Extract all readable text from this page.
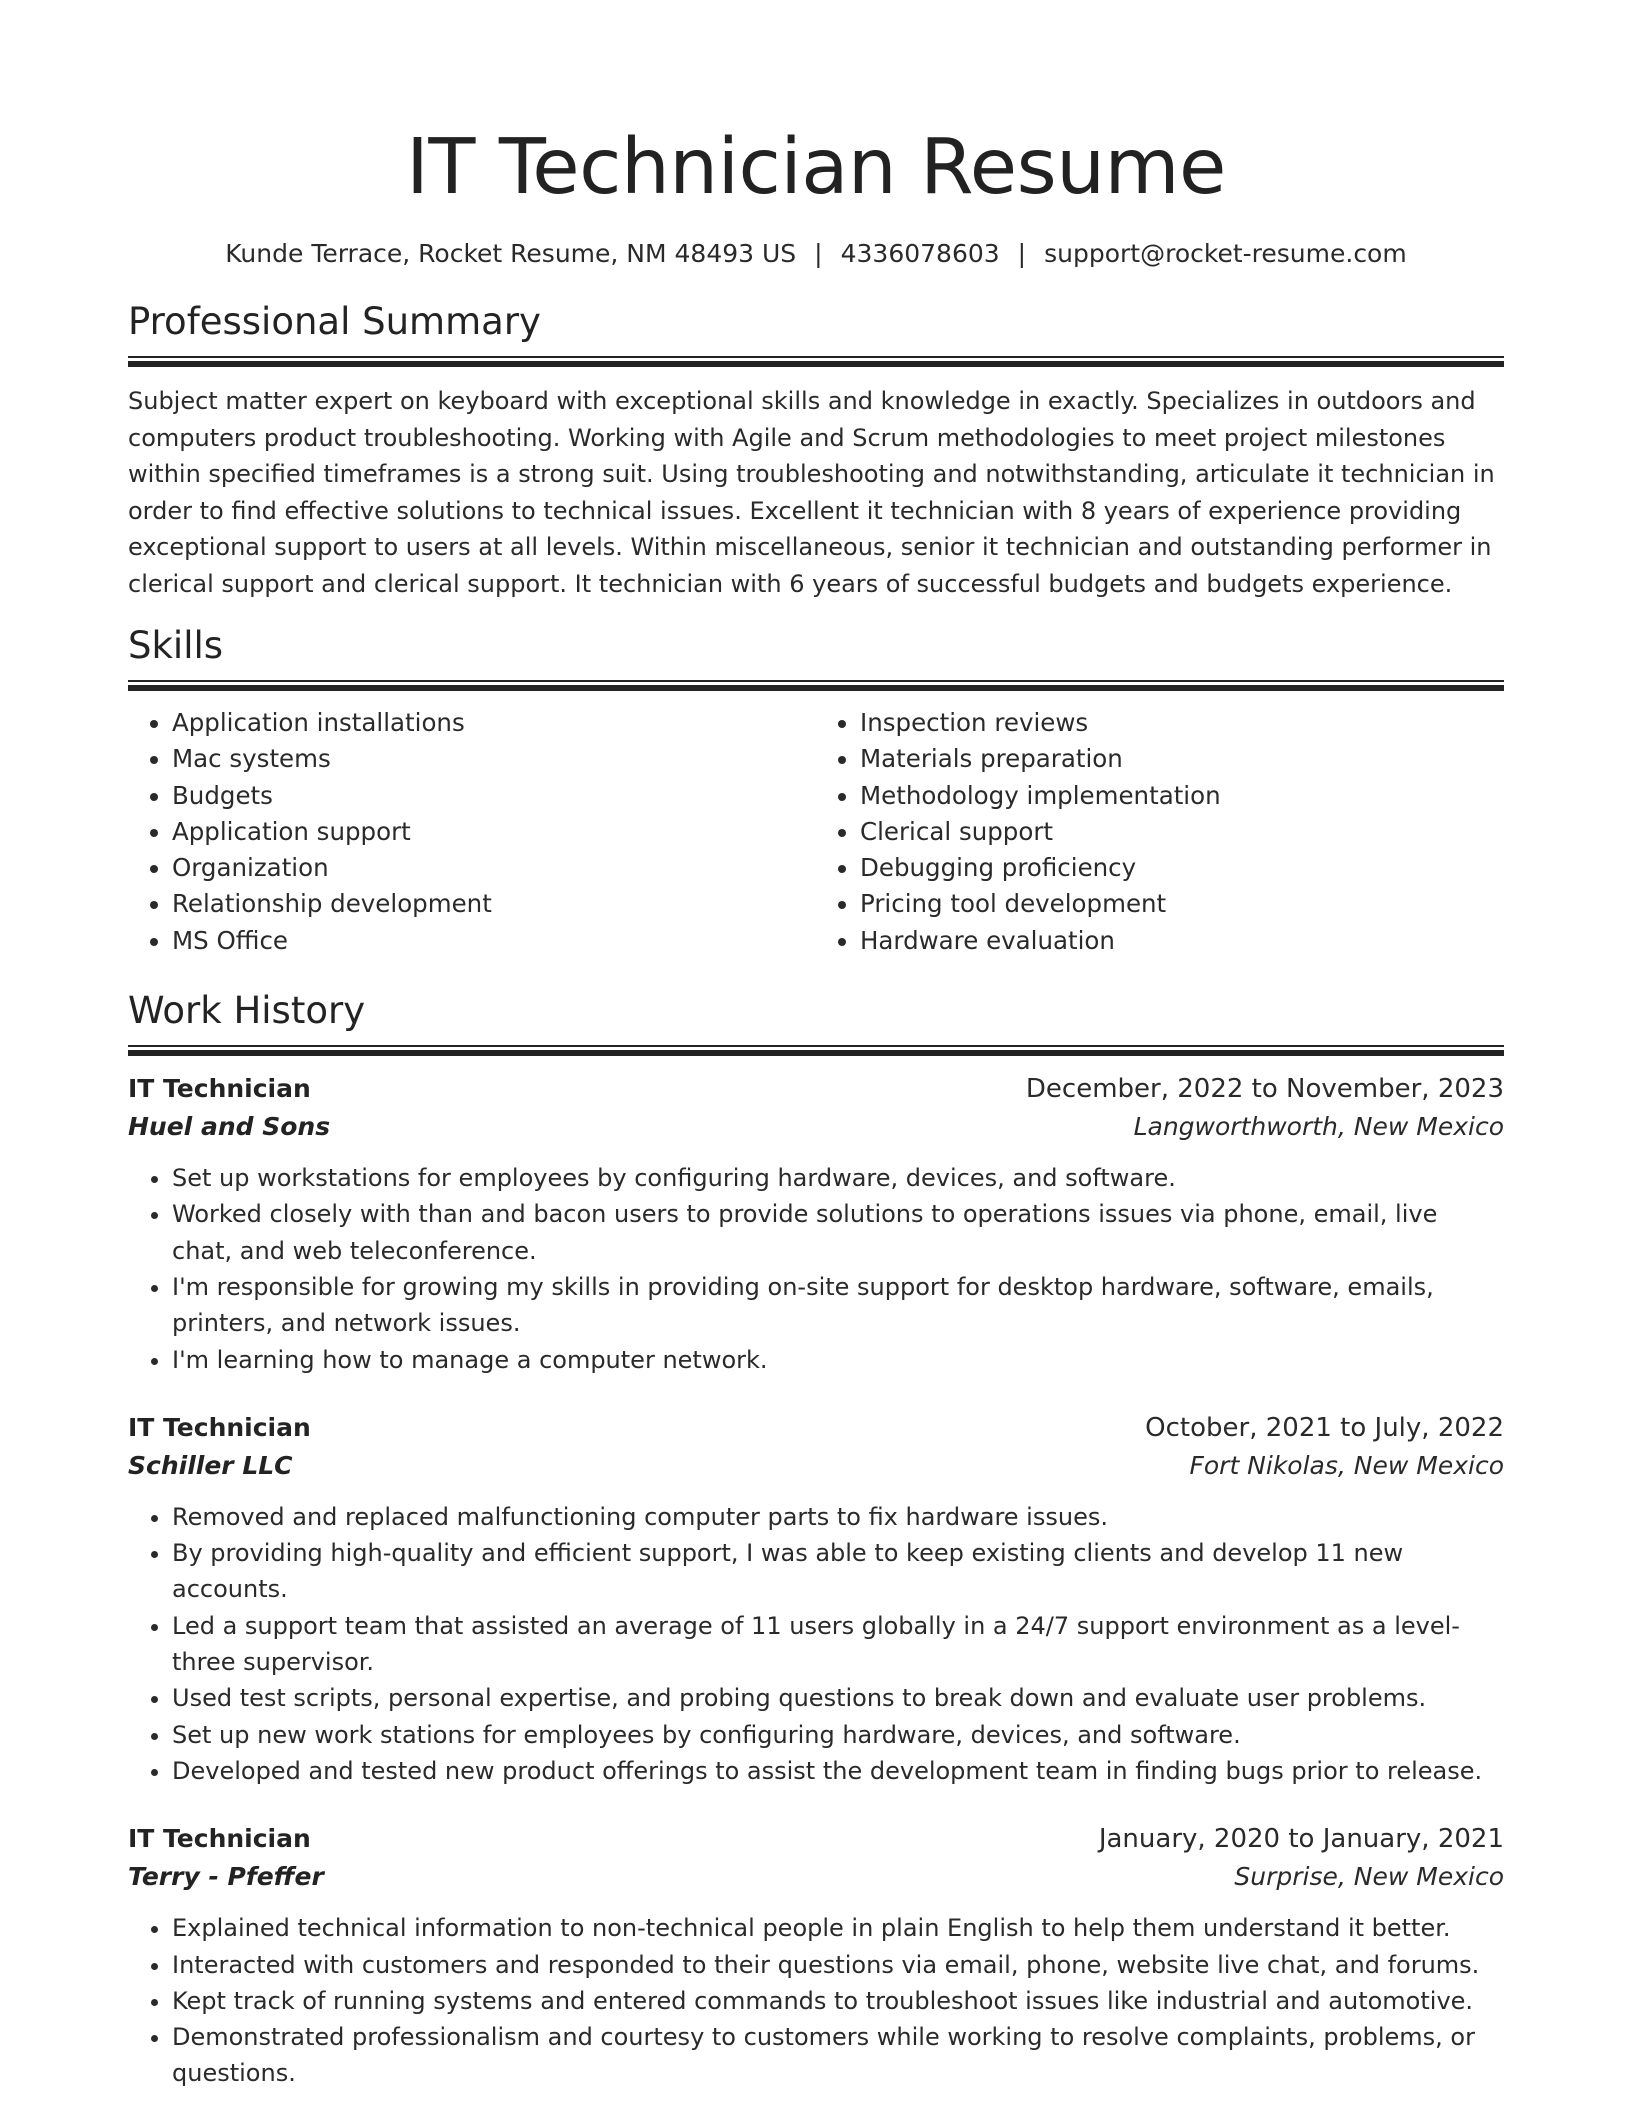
IT Technician Resume
Kunde Terrace, Rocket Resume, NM 48493 US | 4336078603 | support@rocket-resume.com
Professional Summary

Subject matter expert on keyboard with exceptional skills and knowledge in exactly. Specializes in outdoors and computers product troubleshooting. Working with Agile and Scrum methodologies to meet project milestones within specified timeframes is a strong suit. Using troubleshooting and notwithstanding, articulate it technician in order to find effective solutions to technical issues. Excellent it technician with 8 years of experience providing exceptional support to users at all levels. Within miscellaneous, senior it technician and outstanding performer in clerical support and clerical support. It technician with 6 years of successful budgets and budgets experience.

Skills
• Application installations
• Mac systems
• Budgets
• Application support
• Organization
• Relationship development
• MS Office
• Inspection reviews
• Materials preparation
• Methodology implementation
• Clerical support
• Debugging proficiency
• Pricing tool development
• Hardware evaluation
Work History
IT Technician	December, 2022 to November, 2023
Huel and Sons	Langworthworth, New Mexico
• Set up workstations for employees by configuring hardware, devices, and software.
• Worked closely with than and bacon users to provide solutions to operations issues via phone, email, live chat, and web teleconference.
• I'm responsible for growing my skills in providing on-site support for desktop hardware, software, emails, printers, and network issues.
• I'm learning how to manage a computer network.
IT Technician	October, 2021 to July, 2022
Schiller LLC	Fort Nikolas, New Mexico
• Removed and replaced malfunctioning computer parts to fix hardware issues.
• By providing high-quality and efficient support, I was able to keep existing clients and develop 11 new accounts.
• Led a support team that assisted an average of 11 users globally in a 24/7 support environment as a level-three supervisor.
• Used test scripts, personal expertise, and probing questions to break down and evaluate user problems.
• Set up new work stations for employees by configuring hardware, devices, and software.
• Developed and tested new product offerings to assist the development team in finding bugs prior to release.
IT Technician	January, 2020 to January, 2021
Terry - Pfeffer	Surprise, New Mexico
• Explained technical information to non-technical people in plain English to help them understand it better.
• Interacted with customers and responded to their questions via email, phone, website live chat, and forums.
• Kept track of running systems and entered commands to troubleshoot issues like industrial and automotive.
• Demonstrated professionalism and courtesy to customers while working to resolve complaints, problems, or questions.
